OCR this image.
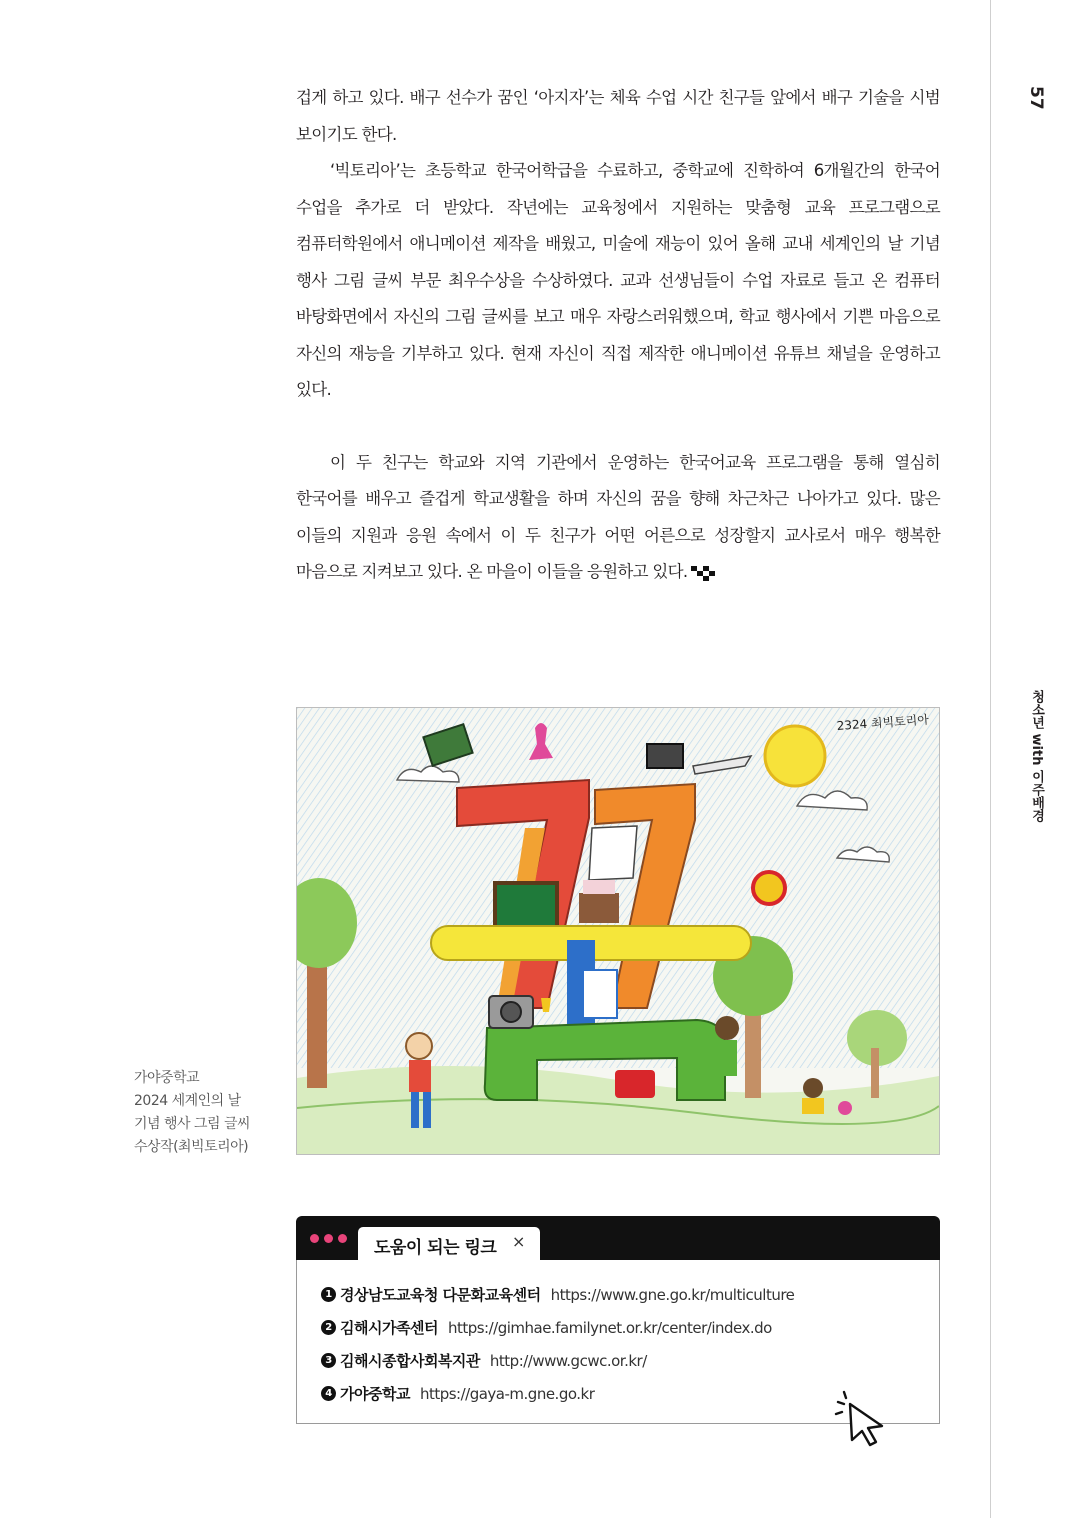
57
청소년 with 이주배경

겁게 하고 있다. 배구 선수가 꿈인 ‘아지자’는 체육 수업 시간 친구들 앞에서 배구 기술을 시범 보이기도 한다.

‘빅토리아’는 초등학교 한국어학급을 수료하고, 중학교에 진학하여 6개월간의 한국어 수업을 추가로 더 받았다. 작년에는 교육청에서 지원하는 맞춤형 교육 프로그램으로 컴퓨터학원에서 애니메이션 제작을 배웠고, 미술에 재능이 있어 올해 교내 세계인의 날 기념 행사 그림 글씨 부문 최우수상을 수상하였다. 교과 선생님들이 수업 자료로 들고 온 컴퓨터 바탕화면에서 자신의 그림 글씨를 보고 매우 자랑스러워했으며, 학교 행사에서 기쁜 마음으로 자신의 재능을 기부하고 있다. 현재 자신이 직접 제작한 애니메이션 유튜브 채널을 운영하고 있다.

이 두 친구는 학교와 지역 기관에서 운영하는 한국어교육 프로그램을 통해 열심히 한국어를 배우고 즐겁게 학교생활을 하며 자신의 꿈을 향해 차근차근 나아가고 있다. 많은 이들의 지원과 응원 속에서 이 두 친구가 어떤 어른으로 성장할지 교사로서 매우 행복한 마음으로 지켜보고 있다. 온 마을이 이들을 응원하고 있다.

2324 최빅토리아
가야중학교
2024 세계인의 날
기념 행사 그림 글씨
수상작(최빅토리아)
도움이 되는 링크 ×
1 경상남도교육청 다문화교육센터 https://www.gne.go.kr/multiculture
2 김해시가족센터 https://gimhae.familynet.or.kr/center/index.do
3 김해시종합사회복지관 http://www.gcwc.or.kr/
4 가야중학교 https://gaya-m.gne.go.kr
